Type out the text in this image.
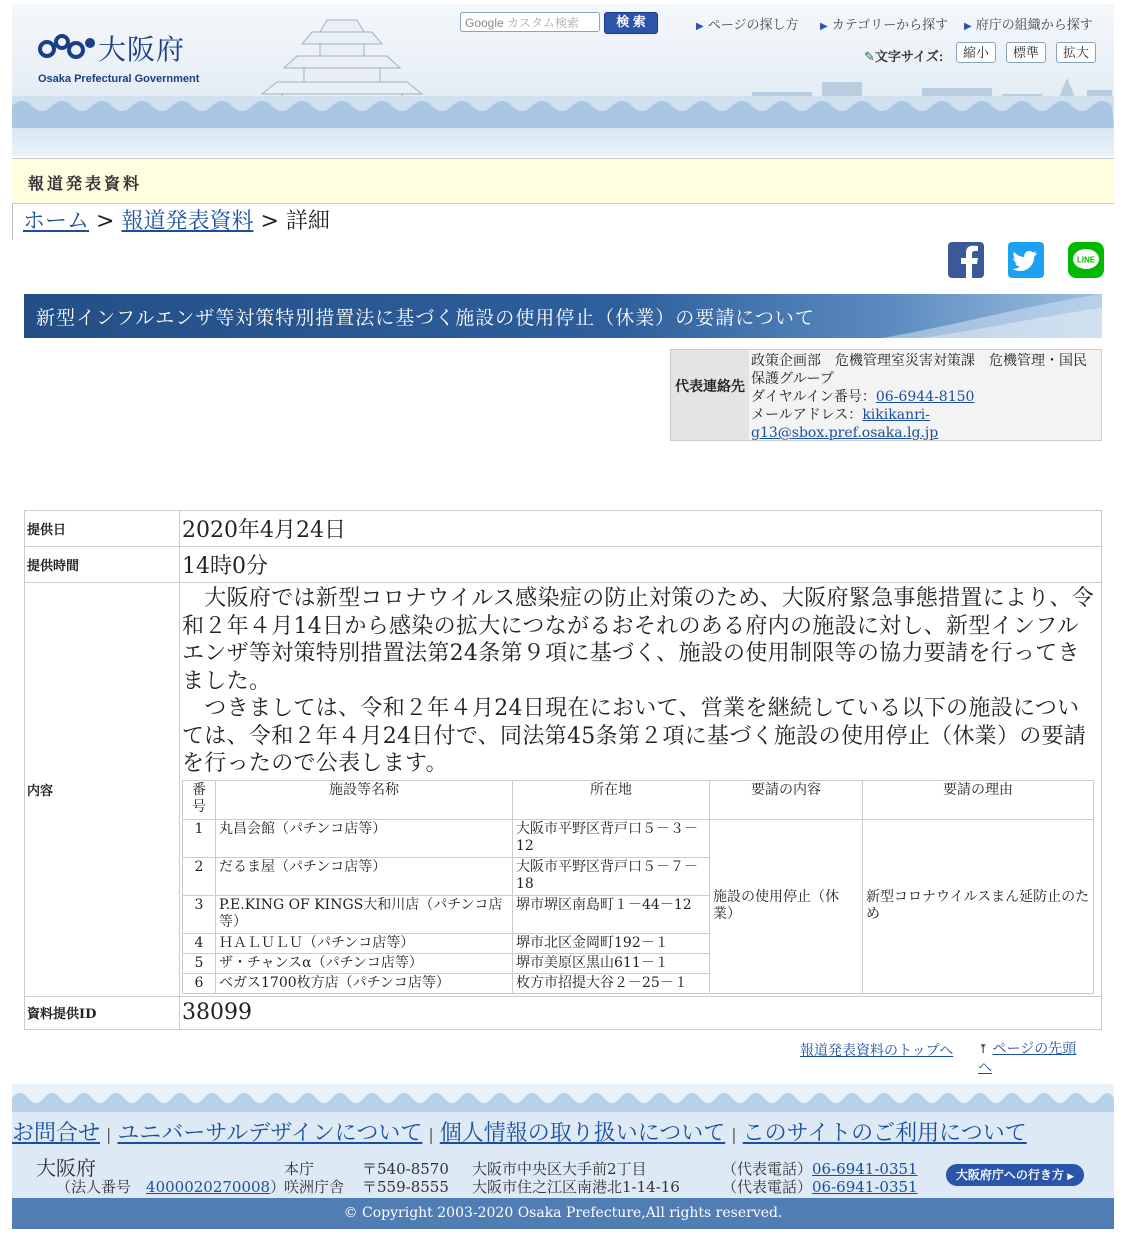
大阪府
Osaka Prefectural Government
Google カスタム検索	検 索	▶ ページの探し方 ▶ カテゴリーから探す ▶ 府庁の組織から探す
✎文字サイズ:	縮小	標準	拡大
報道発表資料
ホーム > 報道発表資料 > 詳細
LINE
新型インフルエンザ等対策特別措置法に基づく施設の使用停止（休業）の要請について
代表連絡先
政策企画部　危機管理室災害対策課　危機管理・国民保護グループ
ダイヤルイン番号：06-6944-8150
メールアドレス：kikikanri-
g13@sbox.pref.osaka.lg.jp
提供日	2020年4月24日
提供時間	14時0分
内容	
　大阪府では新型コロナウイルス感染症の防止対策のため、大阪府緊急事態措置により、令和２年４月14日から感染の拡大につながるおそれのある府内の施設に対し、新型インフルエンザ等対策特別措置法第24条第９項に基づく、施設の使用制限等の協力要請を行ってきました。
　つきましては、令和２年４月24日現在において、営業を継続している以下の施設については、令和２年４月24日付で、同法第45条第２項に基づく施設の使用停止（休業）の要請を行ったので公表します。
番号	施設等名称	所在地	要請の内容	要請の理由
1	丸昌会館（パチンコ店等）	大阪市平野区背戸口５－３－12	施設の使用停止（休業）	新型コロナウイルスまん延防止のため
2	だるま屋（パチンコ店等）	大阪市平野区背戸口５－７－18
3	P.E.KING OF KINGS大和川店（パチンコ店等）	堺市堺区南島町１－44－12
4	ＨＡＬＵＬＵ（パチンコ店等）	堺市北区金岡町192－１
5	ザ・チャンスα（パチンコ店等）	堺市美原区黒山611－１
6	ベガス1700枚方店（パチンコ店等）	枚方市招提大谷２－25－１

資料提供ID	38099
報道発表資料のトップへ ⤒ ページの先頭へ
お問合せ | ユニバーサルデザインについて | 個人情報の取り扱いについて | このサイトのご利用について
大阪府
（法人番号　 4000020270008）
本庁	〒540-8570 大阪市中央区大手前2丁目	（代表電話）06-6941-0351
咲洲庁舎 〒559-8555 大阪市住之江区南港北1-14-16	（代表電話）06-6941-0351
大阪府庁への行き方 ▶
© Copyright 2003-2020 Osaka Prefecture,All rights reserved.
